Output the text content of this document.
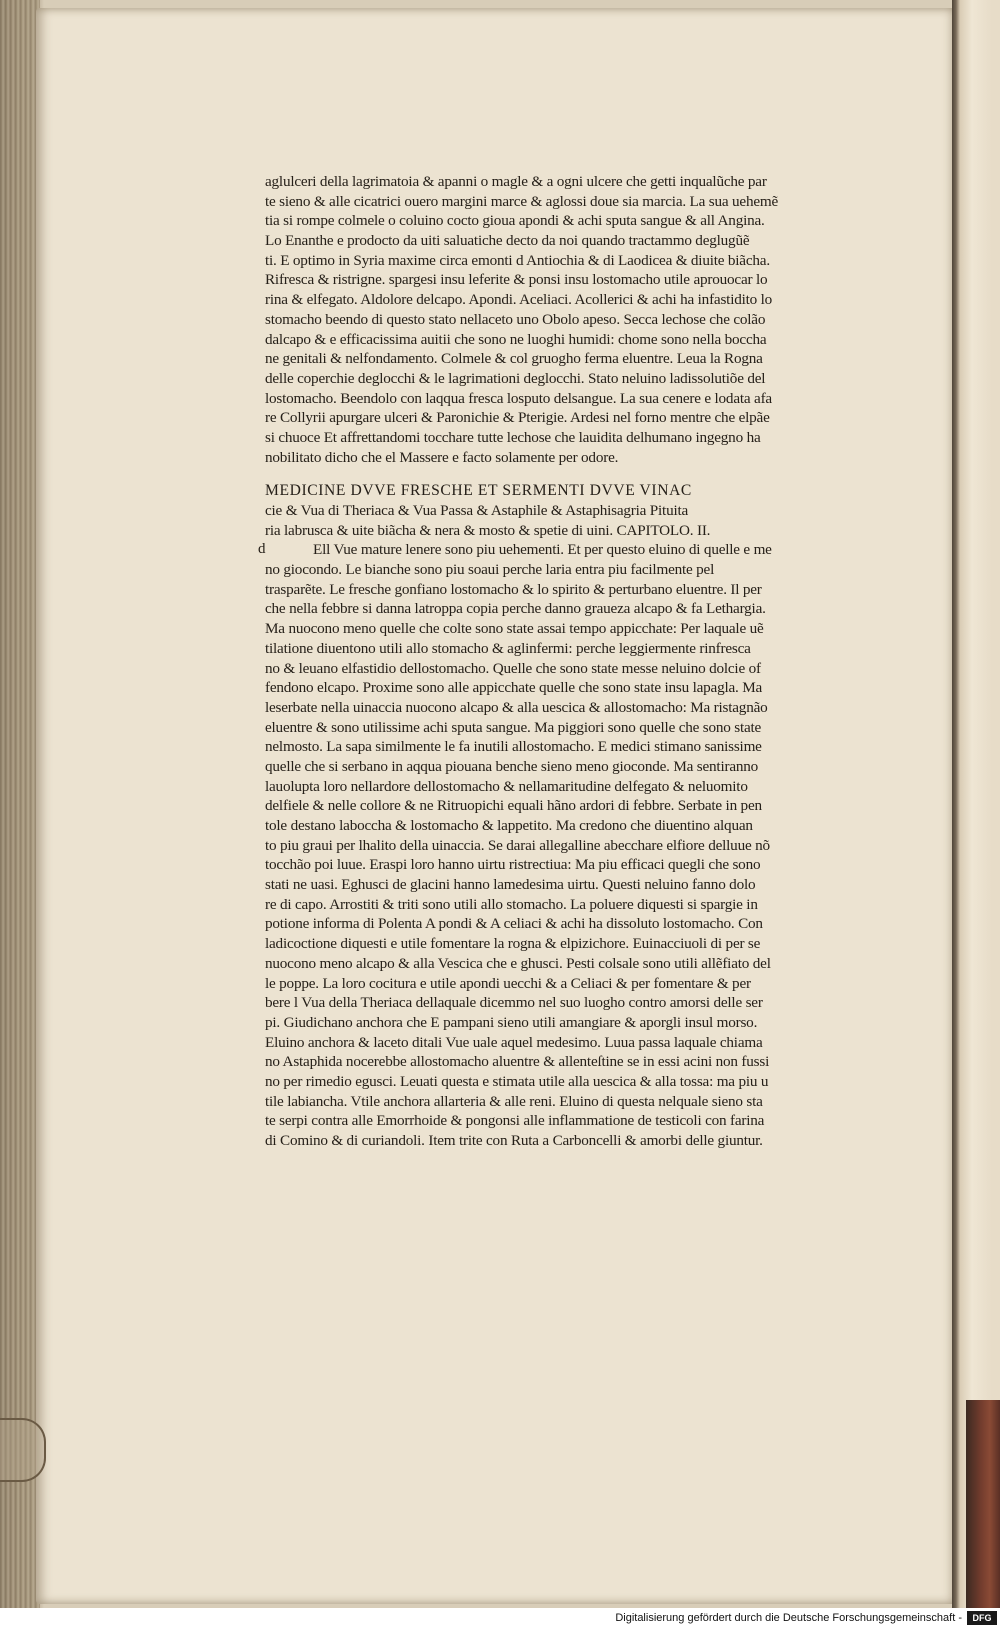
aglulceri della lagrimatoia & apanni o magle & a ogni ulcere che getti inqualũche par
te sieno & alle cicatrici ouero margini marce & aglossi doue sia marcia. La sua uehemẽ
tia si rompe colmele o coluino cocto gioua apondi & achi sputa sangue & all Angina.
Lo Enanthe e prodocto da uiti saluatiche decto da noi quando tractammo deglugũẽ
ti. E optimo in Syria maxime circa emonti d Antiochia & di Laodicea & diuite biãcha.
Rifresca & ristrigne. spargesi insu leferite & ponsi insu lostomacho utile aprouocar lo
rina & elfegato. Aldolore delcapo. Apondi. Aceliaci. Acollerici & achi ha infastidito lo
stomacho beendo di questo stato nellaceto uno Obolo apeso. Secca lechose che colão
dalcapo & e efficacissima auitii che sono ne luoghi humidi: chome sono nella boccha
ne genitali & nelfondamento. Colmele & col gruogho ferma eluentre. Leua la Rogna
delle coperchie deglocchi & le lagrimationi deglocchi. Stato neluino ladissolutiõe del
lostomacho. Beendolo con laqqua fresca losputo delsangue. La sua cenere e lodata afa
re Collyrii apurgare ulceri & Paronichie & Pterigie. Ardesi nel forno mentre che elpãe
si chuoce Et affrettandomi tocchare tutte lechose che lauidita delhumano ingegno ha
nobilitato dicho che el Massere e facto solamente per odore.
MEDICINE DVVE FRESCHE ET SERMENTI DVVE VINAC
cie & Vua di Theriaca & Vua Passa & Astaphile & Astaphisagria Pituita
ria labrusca & uite biãcha & nera & mosto & spetie di uini. CAPITOLO. II.
d	Ell Vue mature lenere sono piu uehementi. Et per questo eluino di quelle e me
no giocondo. Le bianche sono piu soaui perche laria entra piu facilmente pel
trasparẽte. Le fresche gonfiano lostomacho & lo spirito & perturbano eluentre. Il per
che nella febbre si danna latroppa copia perche danno graueza alcapo & fa Lethargia.
Ma nuocono meno quelle che colte sono state assai tempo appicchate: Per laquale uẽ
tilatione diuentono utili allo stomacho & aglinfermi: perche leggiermente rinfresca
no & leuano elfastidio dellostomacho. Quelle che sono state messe neluino dolcie of
fendono elcapo. Proxime sono alle appicchate quelle che sono state insu lapagla. Ma
leserbate nella uinaccia nuocono alcapo & alla uescica & allostomacho: Ma ristagnão
eluentre & sono utilissime achi sputa sangue. Ma piggiori sono quelle che sono state
nelmosto. La sapa similmente le fa inutili allostomacho. E medici stimano sanissime
quelle che si serbano in aqqua piouana benche sieno meno gioconde. Ma sentiranno
lauolupta loro nellardore dellostomacho & nellamaritudine delfegato & neluomito
delfiele & nelle collore & ne Ritruopichi equali hãno ardori di febbre. Serbate in pen
tole destano laboccha & lostomacho & lappetito. Ma credono che diuentino alquan
to piu graui per lhalito della uinaccia. Se darai allegalline abecchare elfiore delluue nõ
tocchão poi luue. Eraspi loro hanno uirtu ristrectiua: Ma piu efficaci quegli che sono
stati ne uasi. Eghusci de glacini hanno lamedesima uirtu. Questi neluino fanno dolo
re di capo. Arrostiti & triti sono utili allo stomacho. La poluere diquesti si spargie in
potione informa di Polenta A pondi & A celiaci & achi ha dissoluto lostomacho. Con
ladicoctione diquesti e utile fomentare la rogna & elpizichore. Euinacciuoli di per se
nuocono meno alcapo & alla Vescica che e ghusci. Pesti colsale sono utili allẽfiato del
le poppe. La loro cocitura e utile apondi uecchi & a Celiaci & per fomentare & per
bere l Vua della Theriaca dellaquale dicemmo nel suo luogho contro amorsi delle ser
pi. Giudichano anchora che E pampani sieno utili amangiare & aporgli insul morso.
Eluino anchora & laceto ditali Vue uale aquel medesimo. Luua passa laquale chiama
no Astaphida nocerebbe allostomacho aluentre & allenteſtine se in essi acini non fussi
no per rimedio egusci. Leuati questa e stimata utile alla uescica & alla tossa: ma piu u
tile labiancha. Vtile anchora allarteria & alle reni. Eluino di questa nelquale sieno sta
te serpi contra alle Emorrhoide & pongonsi alle inflammatione de testicoli con farina
di Comino & di curiandoli. Item trite con Ruta a Carboncelli & amorbi delle giuntur.
Digitalisierung gefördert durch die Deutsche Forschungsgemeinschaft -	DFG
